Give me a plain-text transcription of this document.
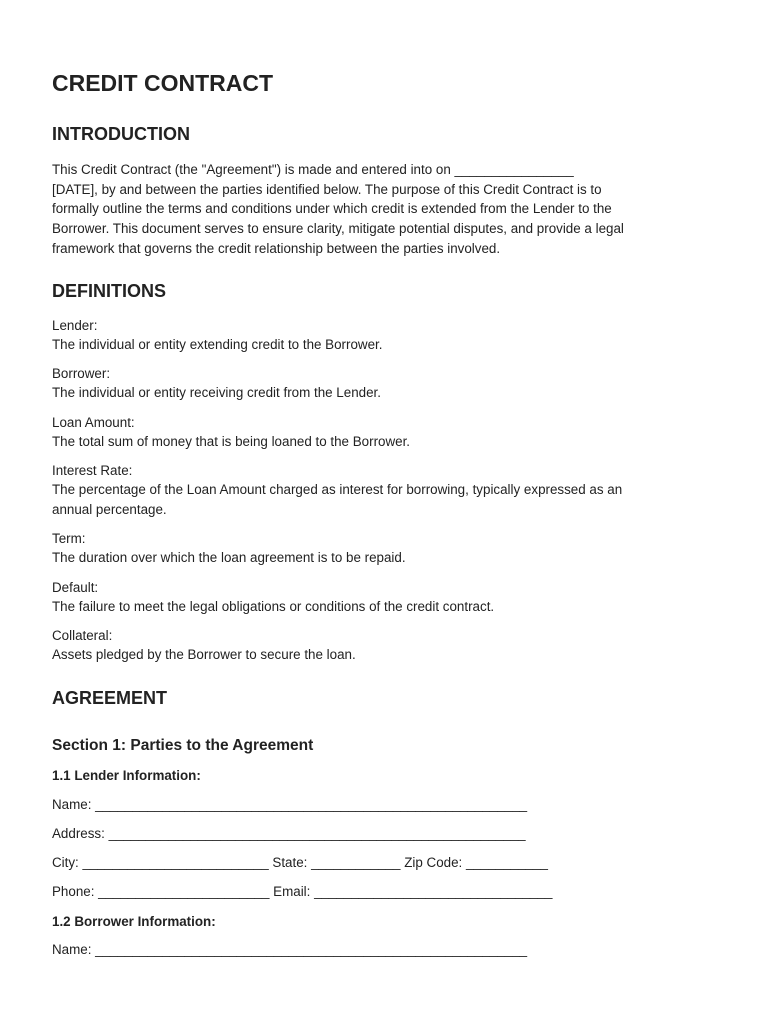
CREDIT CONTRACT
INTRODUCTION

This Credit Contract (the "Agreement") is made and entered into on ________________
[DATE], by and between the parties identified below. The purpose of this Credit Contract is to
formally outline the terms and conditions under which credit is extended from the Lender to the
Borrower. This document serves to ensure clarity, mitigate potential disputes, and provide a legal
framework that governs the credit relationship between the parties involved.

DEFINITIONS
Lender:
The individual or entity extending credit to the Borrower.
Borrower:
The individual or entity receiving credit from the Lender.
Loan Amount:
The total sum of money that is being loaned to the Borrower.
Interest Rate:
The percentage of the Loan Amount charged as interest for borrowing, typically expressed as an
annual percentage.
Term:
The duration over which the loan agreement is to be repaid.
Default:
The failure to meet the legal obligations or conditions of the credit contract.
Collateral:
Assets pledged by the Borrower to secure the loan.
AGREEMENT
Section 1: Parties to the Agreement
1.1 Lender Information:

Name: __________________________________________________________

Address: ________________________________________________________

City: _________________________ State: ____________ Zip Code: ___________

Phone: _______________________ Email: ________________________________

1.2 Borrower Information:

Name: __________________________________________________________
